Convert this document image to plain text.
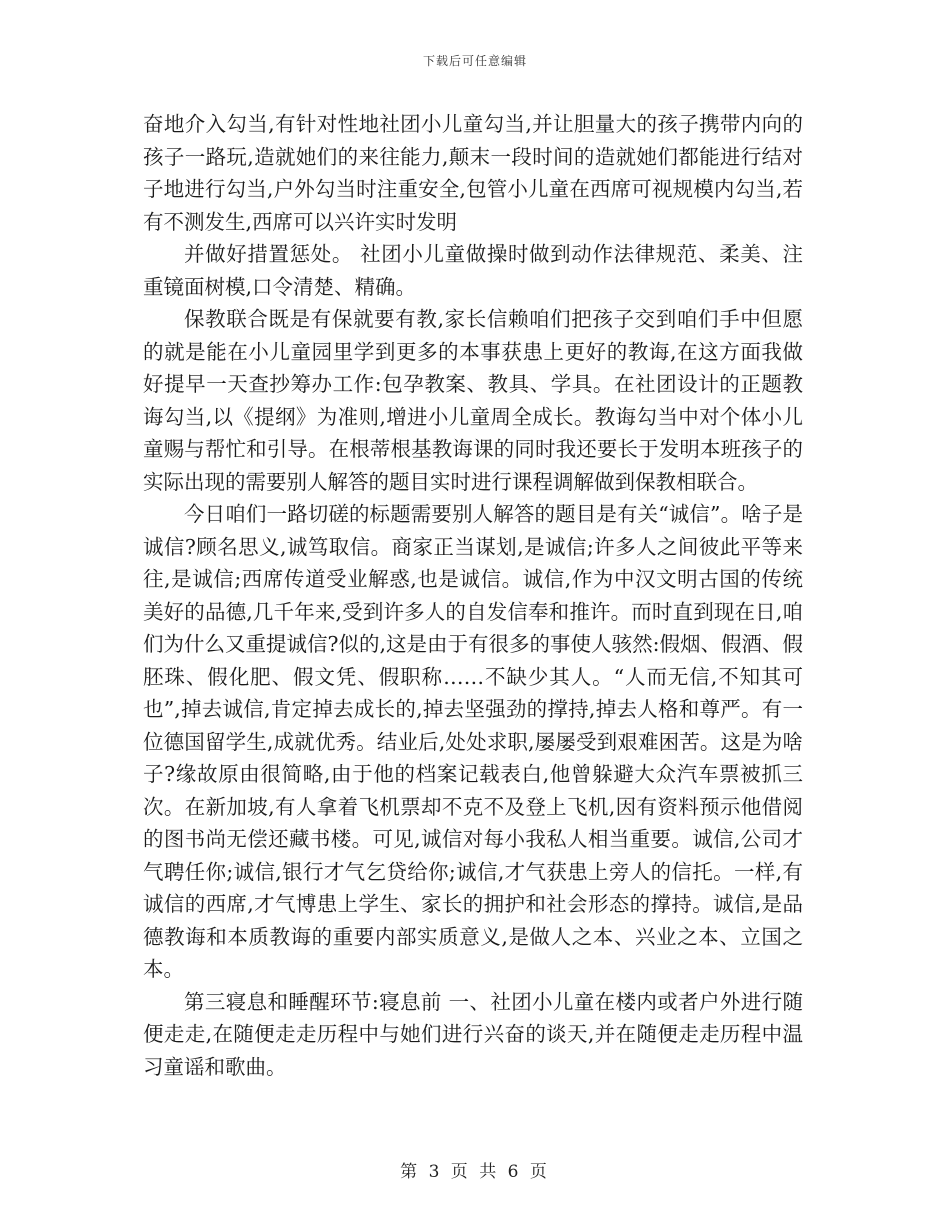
下载后可任意编辑

奋地介入勾当,有针对性地社团小儿童勾当,并让胆量大的孩子携带内向的孩子一路玩,造就她们的来往能力,颠末一段时间的造就她们都能进行结对子地进行勾当,户外勾当时注重安全,包管小儿童在西席可视规模内勾当,若有不测发生,西席可以兴许实时发明

并做好措置惩处。 社团小儿童做操时做到动作法律规范、柔美、注重镜面树模,口令清楚、精确。

保教联合既是有保就要有教,家长信赖咱们把孩子交到咱们手中但愿的就是能在小儿童园里学到更多的本事获患上更好的教诲,在这方面我做好提早一天查抄筹办工作:包孕教案、教具、学具。在社团设计的正题教诲勾当,以《提纲》为准则,增进小儿童周全成长。教诲勾当中对个体小儿童赐与帮忙和引导。在根蒂根基教诲课的同时我还要长于发明本班孩子的实际出现的需要别人解答的题目实时进行课程调解做到保教相联合。

今日咱们一路切磋的标题需要别人解答的题目是有关“诚信”。啥子是诚信?顾名思义,诚笃取信。商家正当谋划,是诚信;许多人之间彼此平等来往,是诚信;西席传道受业解惑,也是诚信。诚信,作为中汉文明古国的传统美好的品德,几千年来,受到许多人的自发信奉和推许。而时直到现在日,咱们为什么又重提诚信?似的,这是由于有很多的事使人骇然:假烟、假酒、假胚珠、假化肥、假文凭、假职称……不缺少其人。“人而无信,不知其可也”,掉去诚信,肯定掉去成长的,掉去坚强劲的撑持,掉去人格和尊严。有一位德国留学生,成就优秀。结业后,处处求职,屡屡受到艰难困苦。这是为啥子?缘故原由很简略,由于他的档案记载表白,他曾躲避大众汽车票被抓三次。在新加坡,有人拿着飞机票却不克不及登上飞机,因有资料预示他借阅的图书尚无偿还藏书楼。可见,诚信对每小我私人相当重要。诚信,公司才气聘任你;诚信,银行才气乞贷给你;诚信,才气获患上旁人的信托。一样,有诚信的西席,才气博患上学生、家长的拥护和社会形态的撑持。诚信,是品德教诲和本质教诲的重要内部实质意义,是做人之本、兴业之本、立国之本。

第三寝息和睡醒环节:寝息前 一、社团小儿童在楼内或者户外进行随便走走,在随便走走历程中与她们进行兴奋的谈天,并在随便走走历程中温习童谣和歌曲。

第 3 页 共 6 页
